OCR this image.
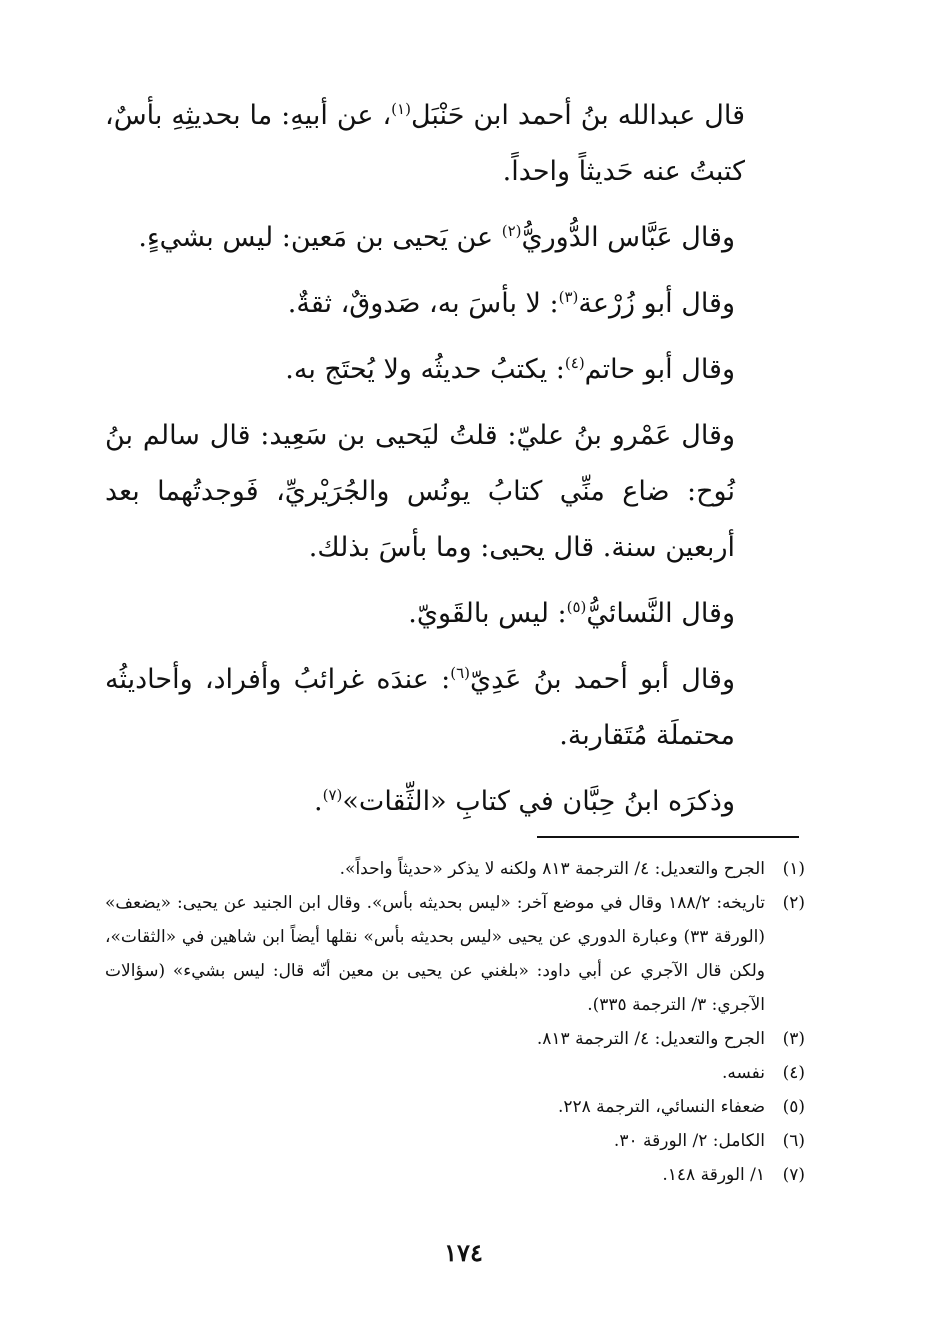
قال عبدالله بنُ أحمد ابن حَنْبَل$^{(١)}$، عن أبيهِ: ما بحديثِهِ بأسٌ، كتبتُ عنه حَديثاً واحداً.

وقال عَبَّاس الدُّوريُّ$^{(٢)}$ عن يَحيى بن مَعين: ليس بشيءٍ.

وقال أبو زُرْعة$^{(٣)}$: لا بأسَ به، صَدوقٌ، ثقةٌ.

وقال أبو حاتم$^{(٤)}$: يكتبُ حديثُه ولا يُحتَج به.

وقال عَمْرو بنُ عليّ: قلتُ ليَحيى بن سَعِيد: قال سالم بنُ نُوح: ضاع منِّي كتابُ يونُس والجُرَيْريِّ، فَوجدتُهما بعد أربعين سنة. قال يحيى: وما بأسَ بذلك.

وقال النَّسائيُّ$^{(٥)}$: ليس بالقَويّ.

وقال أبو أحمد بنُ عَدِيّ$^{(٦)}$: عندَه غرائبُ وأفراد، وأحاديثُه محتملَة مُتَقاربة.

وذكرَه ابنُ حِبَّان في كتابِ «الثِّقات»$^{(٧)}$.

(١)
الجرح والتعديل: ٤/ الترجمة ٨١٣ ولكنه لا يذكر «حديثاً واحداً».
(٢)
تاريخه: ١٨٨/٢ وقال في موضع آخر: «ليس بحديثه بأس». وقال ابن الجنيد عن يحيى: «يضعف» (الورقة ٣٣) وعبارة الدوري عن يحيى «ليس بحديثه بأس» نقلها أيضاً ابن شاهين في «الثقات»، ولكن قال الآجري عن أبي داود: «بلغني عن يحيى بن معين أنّه قال: ليس بشيء» (سؤالات الآجري: ٣/ الترجمة ٣٣٥).
(٣)
الجرح والتعديل: ٤/ الترجمة ٨١٣.
(٤)
نفسه.
(٥)
ضعفاء النسائي، الترجمة ٢٢٨.
(٦)
الكامل: ٢/ الورقة ٣٠.
(٧)
١/ الورقة ١٤٨.
١٧٤
